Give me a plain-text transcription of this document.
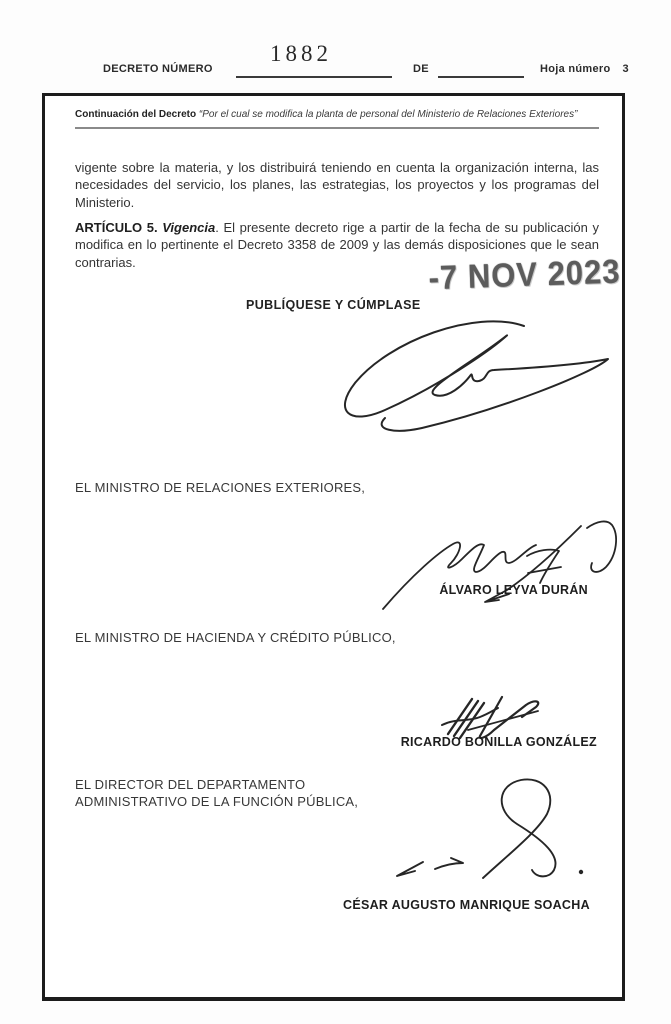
DECRETO NÚMERO
1882
DE	Hoja número 3
Continuación del Decreto “Por el cual se modifica la planta de personal del Ministerio de Relaciones Exteriores”

vigente sobre la materia, y los distribuirá teniendo en cuenta la organización interna, las necesidades del servicio, los planes, las estrategias, los proyectos y los programas del Ministerio.

ARTÍCULO 5. Vigencia. El presente decreto rige a partir de la fecha de su publicación y modifica en lo pertinente el Decreto 3358 de 2009 y las demás disposiciones que le sean contrarias.	-7 NOV 2023
PUBLÍQUESE Y CÚMPLASE
EL MINISTRO DE RELACIONES EXTERIORES,
ÁLVARO LEYVA DURÁN
EL MINISTRO DE HACIENDA Y CRÉDITO PÚBLICO,
RICARDO BONILLA GONZÁLEZ
EL DIRECTOR DEL DEPARTAMENTO
ADMINISTRATIVO DE LA FUNCIÓN PÚBLICA,
CÉSAR AUGUSTO MANRIQUE SOACHA
